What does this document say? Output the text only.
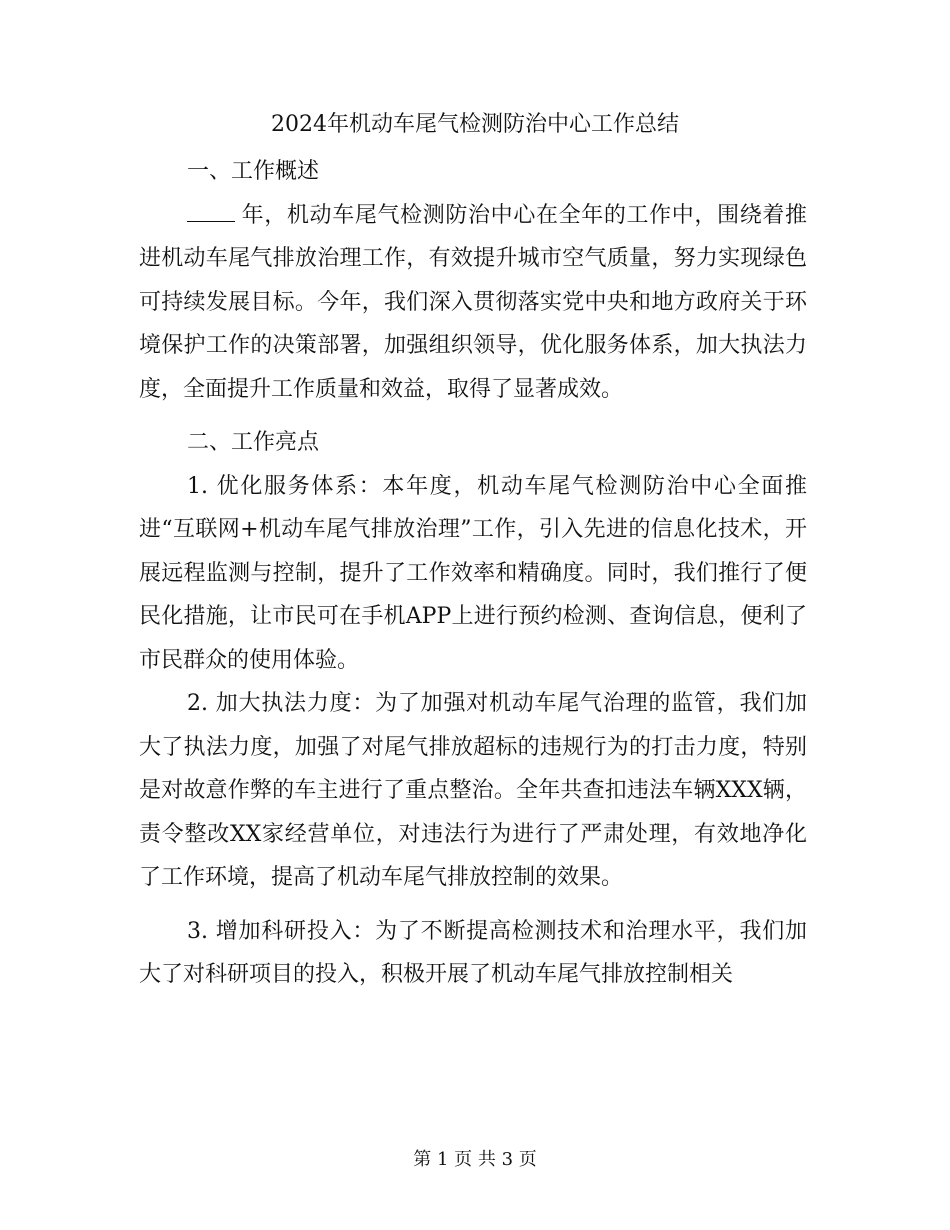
2024年机动车尾气检测防治中心工作总结

一、工作概述

年，机动车尾气检测防治中心在全年的工作中，围绕着推进机动车尾气排放治理工作，有效提升城市空气质量，努力实现绿色可持续发展目标。今年，我们深入贯彻落实党中央和地方政府关于环境保护工作的决策部署，加强组织领导，优化服务体系，加大执法力度，全面提升工作质量和效益，取得了显著成效。

二、工作亮点

1. 优化服务体系：本年度，机动车尾气检测防治中心全面推进“互联网+机动车尾气排放治理”工作，引入先进的信息化技术，开展远程监测与控制，提升了工作效率和精确度。同时，我们推行了便民化措施，让市民可在手机APP上进行预约检测、查询信息，便利了市民群众的使用体验。

2. 加大执法力度：为了加强对机动车尾气治理的监管，我们加大了执法力度，加强了对尾气排放超标的违规行为的打击力度，特别是对故意作弊的车主进行了重点整治。全年共查扣违法车辆XXX辆，责令整改XX家经营单位，对违法行为进行了严肃处理，有效地净化了工作环境，提高了机动车尾气排放控制的效果。

3. 增加科研投入：为了不断提高检测技术和治理水平，我们加大了对科研项目的投入，积极开展了机动车尾气排放控制相关

第 1 页 共 3 页
